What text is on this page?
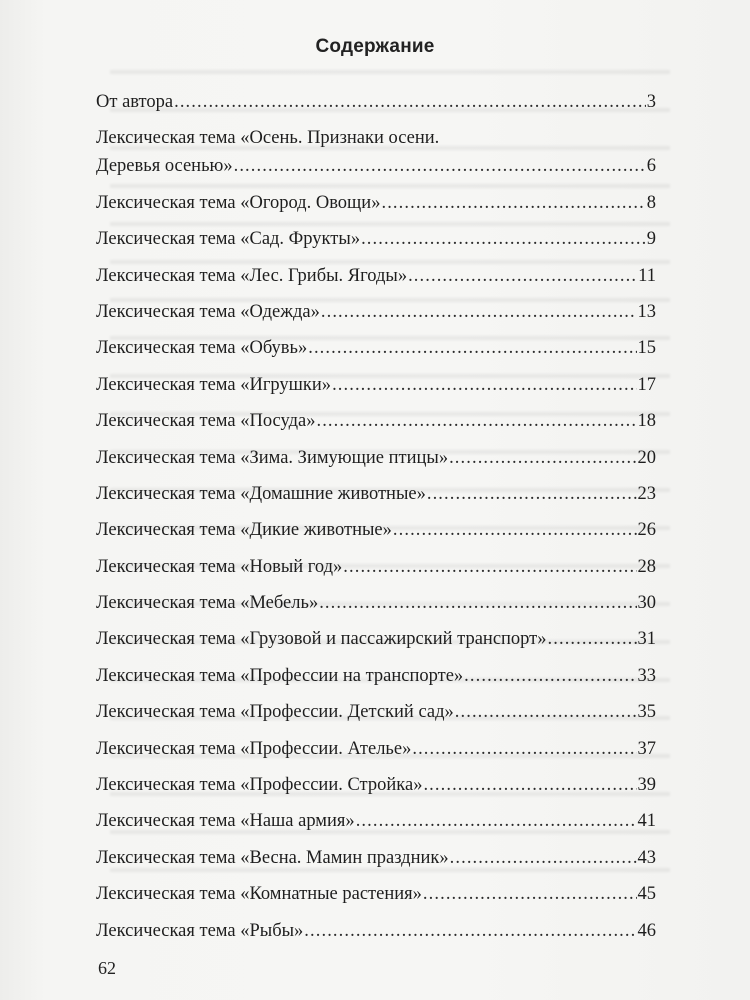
Содержание
От автора .....	3
Лексическая тема «Осень. Признаки осени.
Деревья осенью» .....	6
Лексическая тема «Огород. Овощи» .....	8
Лексическая тема «Сад. Фрукты» .....	9
Лексическая тема «Лес. Грибы. Ягоды» .....	11
Лексическая тема «Одежда» .....	13
Лексическая тема «Обувь» .....	15
Лексическая тема «Игрушки» .....	17
Лексическая тема «Посуда» .....	18
Лексическая тема «Зима. Зимующие птицы» .....	20
Лексическая тема «Домашние животные» .....	23
Лексическая тема «Дикие животные» .....	26
Лексическая тема «Новый год» .....	28
Лексическая тема «Мебель» .....	30
Лексическая тема «Грузовой и пассажирский транспорт» .....	31
Лексическая тема «Профессии на транспорте» .....	33
Лексическая тема «Профессии. Детский сад» .....	35
Лексическая тема «Профессии. Ателье» .....	37
Лексическая тема «Профессии. Стройка» .....	39
Лексическая тема «Наша армия» .....	41
Лексическая тема «Весна. Мамин праздник» .....	43
Лексическая тема «Комнатные растения» .....	45
Лексическая тема «Рыбы» .....	46
62
